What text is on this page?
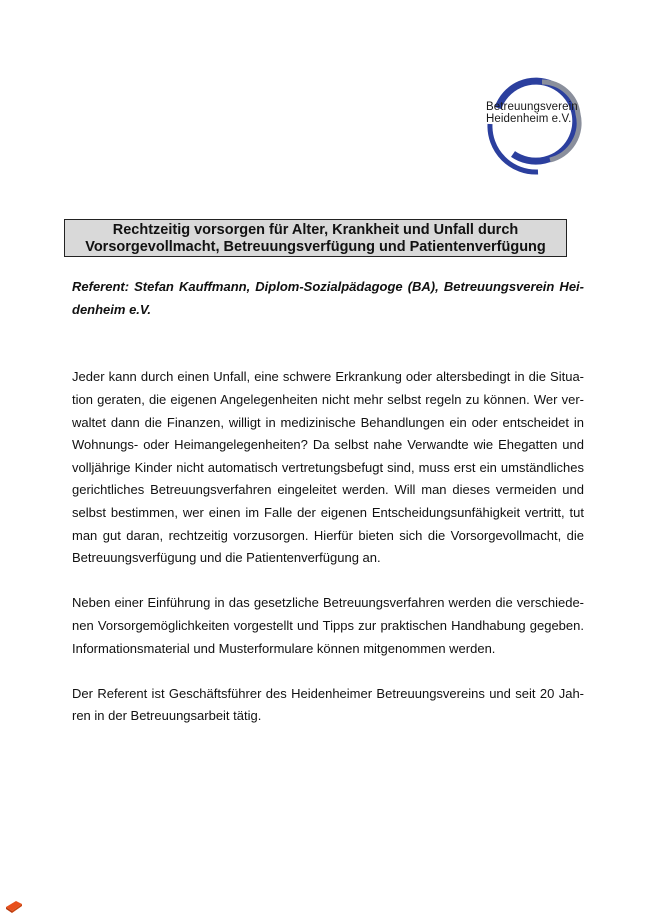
Betreuungsverein
Heidenheim e.V.
Rechtzeitig vorsorgen für Alter, Krankheit und Unfall durch
Vorsorgevollmacht, Betreuungsverfügung und Patientenverfügung
Referent: Stefan Kauffmann, Diplom-Sozialpädagoge (BA), Betreuungsverein Hei-
denheim e.V.
Jeder kann durch einen Unfall, eine schwere Erkrankung oder altersbedingt in die Situa-
tion geraten, die eigenen Angelegenheiten nicht mehr selbst regeln zu können. Wer ver-
waltet dann die Finanzen, willigt in medizinische Behandlungen ein oder entscheidet in
Wohnungs- oder Heimangelegenheiten? Da selbst nahe Verwandte wie Ehegatten und
volljährige Kinder nicht automatisch vertretungsbefugt sind, muss erst ein umständliches
gerichtliches Betreuungsverfahren eingeleitet werden. Will man dieses vermeiden und
selbst bestimmen, wer einen im Falle der eigenen Entscheidungsunfähigkeit vertritt, tut
man gut daran, rechtzeitig vorzusorgen. Hierfür bieten sich die Vorsorgevollmacht, die
Betreuungsverfügung und die Patientenverfügung an.
Neben einer Einführung in das gesetzliche Betreuungsverfahren werden die verschiede-
nen Vorsorgemöglichkeiten vorgestellt und Tipps zur praktischen Handhabung gegeben.
Informationsmaterial und Musterformulare können mitgenommen werden.
Der Referent ist Geschäftsführer des Heidenheimer Betreuungsvereins und seit 20 Jah-
ren in der Betreuungsarbeit tätig.
